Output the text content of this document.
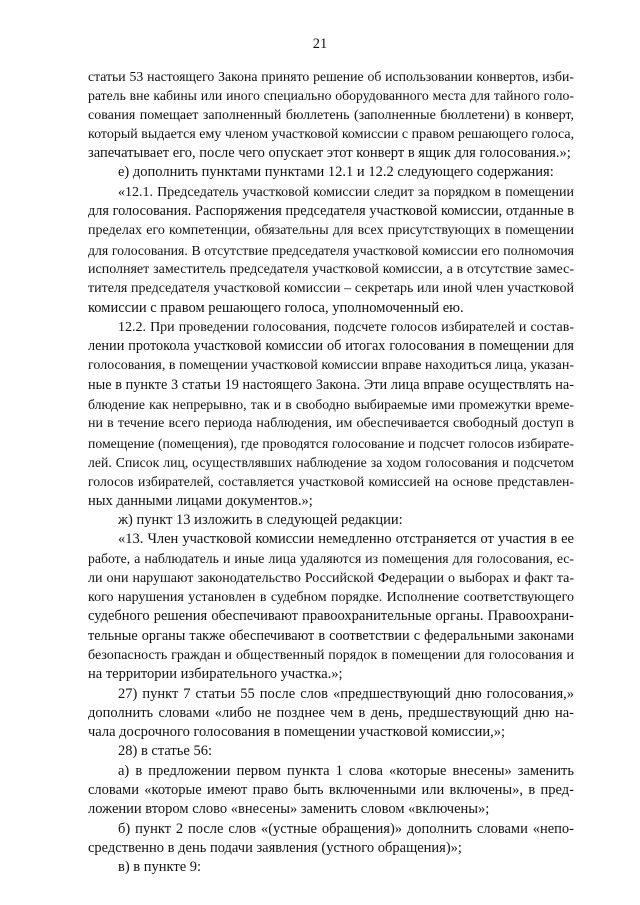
21
статьи 53 настоящего Закона принято решение об использовании конвертов, изби-
ратель вне кабины или иного специально оборудованного места для тайного голо-
сования помещает заполненный бюллетень (заполненные бюллетени) в конверт,
который выдается ему членом участковой комиссии с правом решающего голоса,
запечатывает его, после чего опускает этот конверт в ящик для голосования.»;
е) дополнить пунктами пунктами 12.1 и 12.2 следующего содержания:
«12.1. Председатель участковой комиссии следит за порядком в помещении
для голосования. Распоряжения председателя участковой комиссии, отданные в
пределах его компетенции, обязательны для всех присутствующих в помещении
для голосования. В отсутствие председателя участковой комиссии его полномочия
исполняет заместитель председателя участковой комиссии, а в отсутствие замес-
тителя председателя участковой комиссии – секретарь или иной член участковой
комиссии с правом решающего голоса, уполномоченный ею.
12.2. При проведении голосования, подсчете голосов избирателей и состав-
лении протокола участковой комиссии об итогах голосования в помещении для
голосования, в помещении участковой комиссии вправе находиться лица, указан-
ные в пункте 3 статьи 19 настоящего Закона. Эти лица вправе осуществлять на-
блюдение как непрерывно, так и в свободно выбираемые ими промежутки време-
ни в течение всего периода наблюдения, им обеспечивается свободный доступ в
помещение (помещения), где проводятся голосование и подсчет голосов избирате-
лей. Список лиц, осуществлявших наблюдение за ходом голосования и подсчетом
голосов избирателей, составляется участковой комиссией на основе представлен-
ных данными лицами документов.»;
ж) пункт 13 изложить в следующей редакции:
«13. Член участковой комиссии немедленно отстраняется от участия в ее
работе, а наблюдатель и иные лица удаляются из помещения для голосования, ес-
ли они нарушают законодательство Российской Федерации о выборах и факт та-
кого нарушения установлен в судебном порядке. Исполнение соответствующего
судебного решения обеспечивают правоохранительные органы. Правоохрани-
тельные органы также обеспечивают в соответствии с федеральными законами
безопасность граждан и общественный порядок в помещении для голосования и
на территории избирательного участка.»;
27) пункт 7 статьи 55 после слов «предшествующий дню голосования,»
дополнить словами «либо не позднее чем в день, предшествующий дню на-
чала досрочного голосования в помещении участковой комиссии,»;
28) в статье 56:
а) в предложении первом пункта 1 слова «которые внесены» заменить
словами «которые имеют право быть включенными или включены», в пред-
ложении втором слово «внесены» заменить словом «включены»;
б) пункт 2 после слов «(устные обращения)» дополнить словами «непо-
средственно в день подачи заявления (устного обращения)»;
в) в пункте 9:
